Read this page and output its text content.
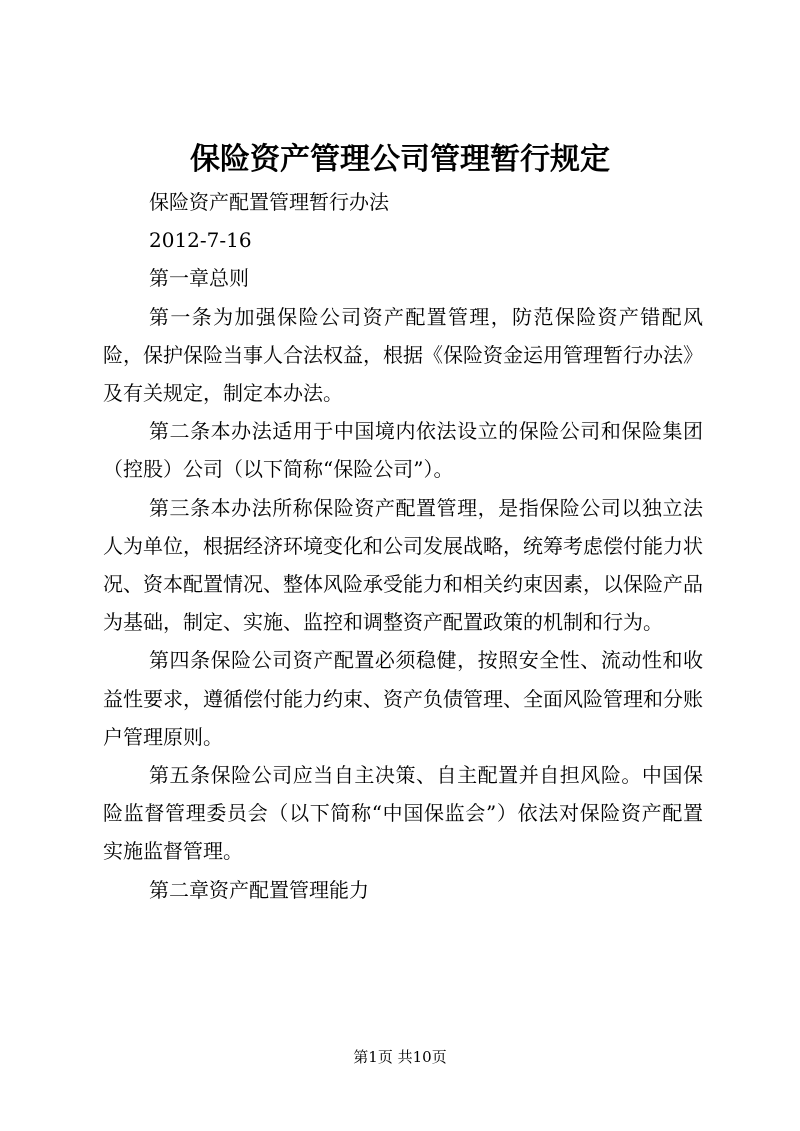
保险资产管理公司管理暂行规定

保险资产配置管理暂行办法

2012-7-16

第一章总则

第一条为加强保险公司资产配置管理，防范保险资产错配风险，保护保险当事人合法权益，根据《保险资金运用管理暂行办法》及有关规定，制定本办法。

第二条本办法适用于中国境内依法设立的保险公司和保险集团（控股）公司（以下简称“保险公司”）。

第三条本办法所称保险资产配置管理，是指保险公司以独立法人为单位，根据经济环境变化和公司发展战略，统筹考虑偿付能力状况、资本配置情况、整体风险承受能力和相关约束因素，以保险产品为基础，制定、实施、监控和调整资产配置政策的机制和行为。

第四条保险公司资产配置必须稳健，按照安全性、流动性和收益性要求，遵循偿付能力约束、资产负债管理、全面风险管理和分账户管理原则。

第五条保险公司应当自主决策、自主配置并自担风险。中国保险监督管理委员会（以下简称“中国保监会”）依法对保险资产配置实施监督管理。

第二章资产配置管理能力

第1页 共10页
